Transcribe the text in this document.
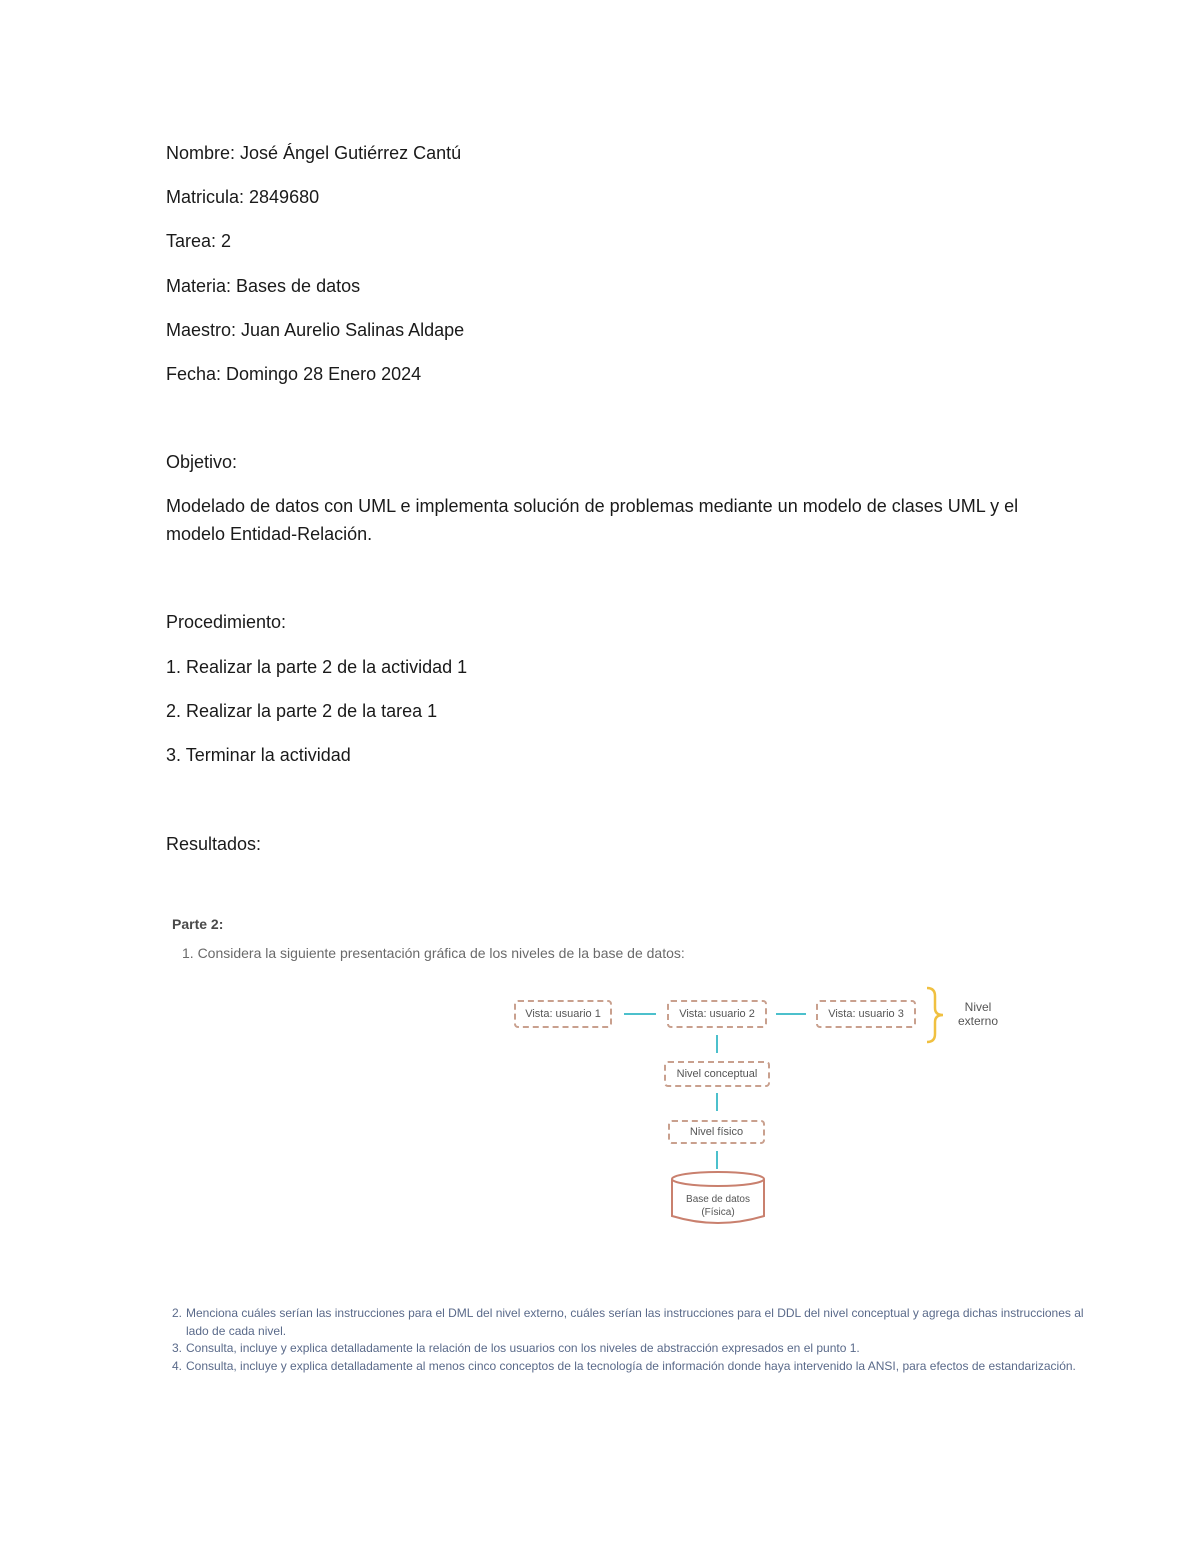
Nombre: José Ángel Gutiérrez Cantú
Matricula: 2849680
Tarea: 2
Materia: Bases de datos
Maestro: Juan Aurelio Salinas Aldape
Fecha: Domingo 28 Enero 2024
Objetivo:
Modelado de datos con UML e implementa solución de problemas mediante un modelo de clases UML y el modelo Entidad-Relación.
Procedimiento:
1. Realizar la parte 2 de la actividad 1
2. Realizar la parte 2 de la tarea 1
3. Terminar la actividad
Resultados:
Parte 2:
1. Considera la siguiente presentación gráfica de los niveles de la base de datos:
Vista: usuario 1	Vista: usuario 2	Vista: usuario 3	Nivel
externo
Nivel conceptual
Nivel físico
Base de datos
(Física)
2. Menciona cuáles serían las instrucciones para el DML del nivel externo, cuáles serían las instrucciones para el DDL del nivel conceptual y agrega dichas instrucciones al
lado de cada nivel.
3. Consulta, incluye y explica detalladamente la relación de los usuarios con los niveles de abstracción expresados en el punto 1.
4. Consulta, incluye y explica detalladamente al menos cinco conceptos de la tecnología de información donde haya intervenido la ANSI, para efectos de estandarización.
